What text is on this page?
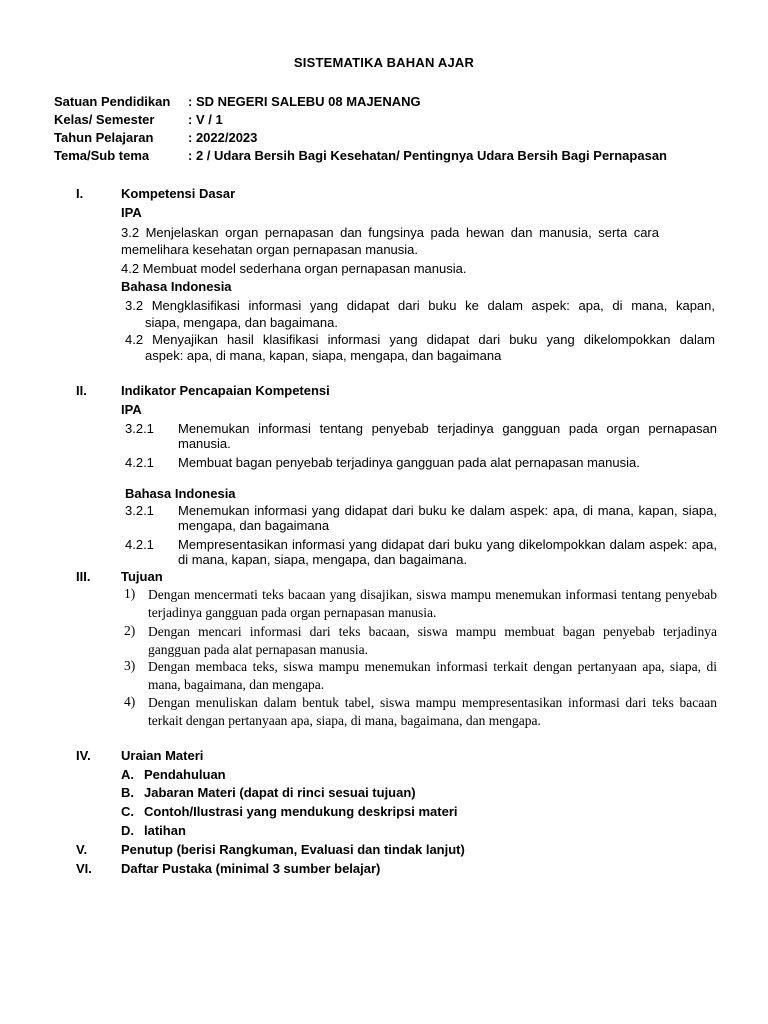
SISTEMATIKA BAHAN AJAR
Satuan Pendidikan : SD NEGERI SALEBU 08 MAJENANG
Kelas/ Semester	: V / 1
Tahun Pelajaran	: 2022/2023
Tema/Sub tema	: 2 / Udara Bersih Bagi Kesehatan/ Pentingnya Udara Bersih Bagi Pernapasan
I.	Kompetensi Dasar
IPA
3.2 Menjelaskan organ pernapasan dan fungsinya pada hewan dan manusia, serta cara memelihara kesehatan organ pernapasan manusia.
4.2 Membuat model sederhana organ pernapasan manusia.
Bahasa Indonesia
3.2 Mengklasifikasi informasi yang didapat dari buku ke dalam aspek: apa, di mana, kapan,
siapa, mengapa, dan bagaimana.
4.2 Menyajikan hasil klasifikasi informasi yang didapat dari buku yang dikelompokkan dalam
aspek: apa, di mana, kapan, siapa, mengapa, dan bagaimana
II.	Indikator Pencapaian Kompetensi
IPA
3.2.1 Menemukan informasi tentang penyebab terjadinya gangguan pada organ pernapasan manusia.
4.2.1 Membuat bagan penyebab terjadinya gangguan pada alat pernapasan manusia.
Bahasa Indonesia
3.2.1 Menemukan informasi yang didapat dari buku ke dalam aspek: apa, di mana, kapan, siapa, mengapa, dan bagaimana
4.2.1 Mempresentasikan informasi yang didapat dari buku yang dikelompokkan dalam aspek: apa, di mana, kapan, siapa, mengapa, dan bagaimana.
III. Tujuan
1) Dengan mencermati teks bacaan yang disajikan, siswa mampu menemukan informasi tentang penyebab terjadinya gangguan pada organ pernapasan manusia.
2) Dengan mencari informasi dari teks bacaan, siswa mampu membuat bagan penyebab terjadinya gangguan pada alat pernapasan manusia.
3) Dengan membaca teks, siswa mampu menemukan informasi terkait dengan pertanyaan apa, siapa, di mana, bagaimana, dan mengapa.
4) Dengan menuliskan dalam bentuk tabel, siswa mampu mempresentasikan informasi dari teks bacaan terkait dengan pertanyaan apa, siapa, di mana, bagaimana, dan mengapa.
IV. Uraian Materi
A. Pendahuluan
B. Jabaran Materi (dapat di rinci sesuai tujuan)
C. Contoh/Ilustrasi yang mendukung deskripsi materi
D. latihan
V.	Penutup (berisi Rangkuman, Evaluasi dan tindak lanjut)
VI. Daftar Pustaka (minimal 3 sumber belajar)
